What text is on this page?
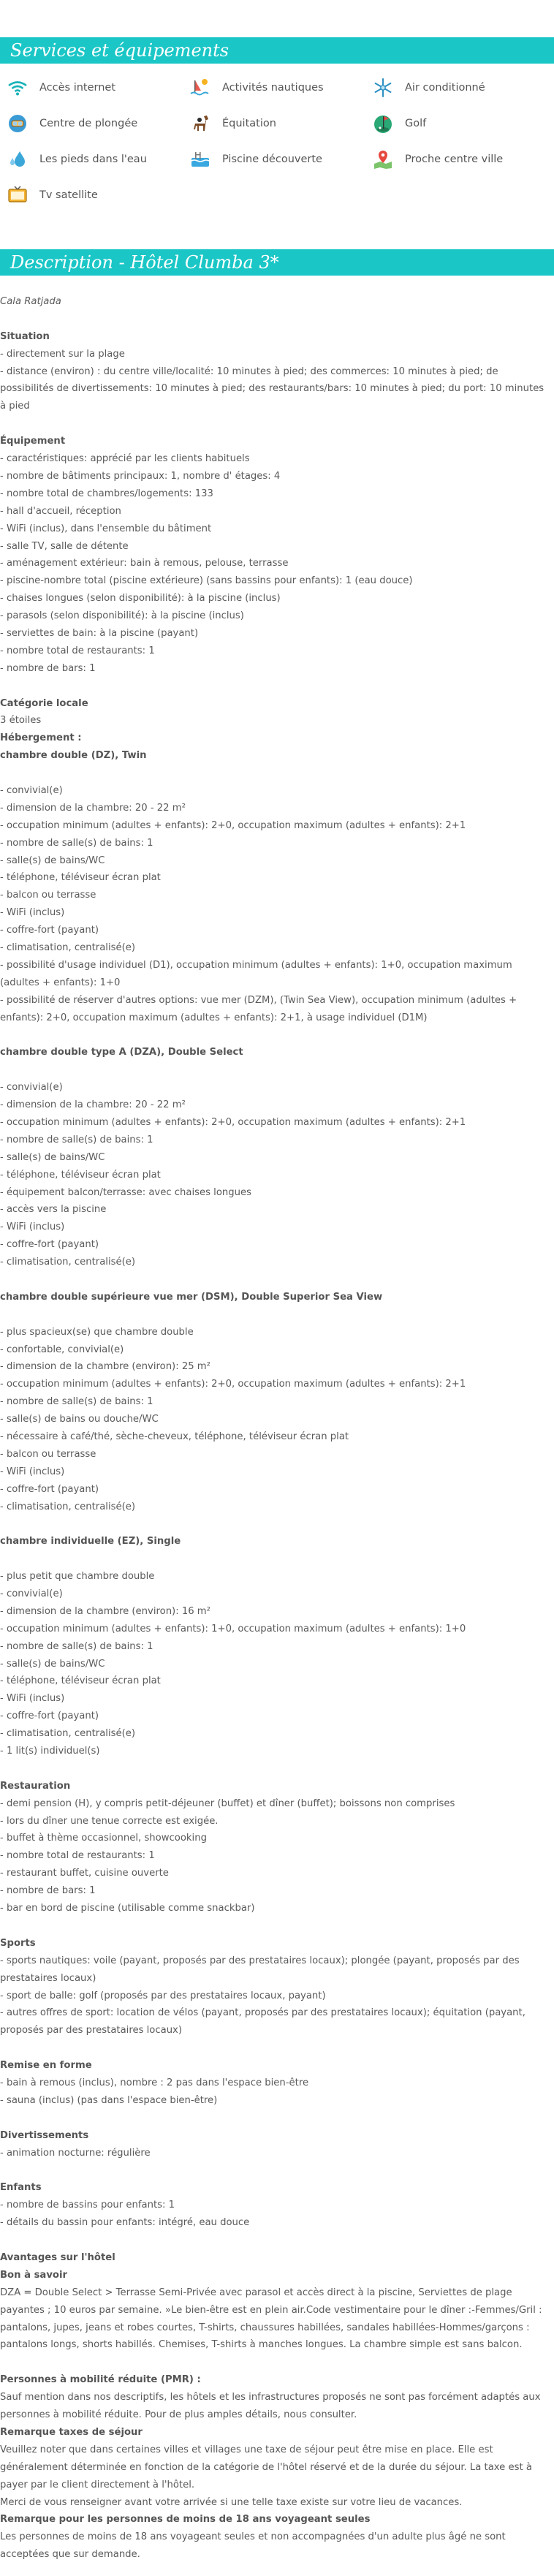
Services et équipements
Accès internet	Activités nautiques	Air conditionné
Centre de plongée	Équitation	Golf
Les pieds dans l'eau	Piscine découverte	Proche centre ville
Tv satellite
Description - Hôtel Clumba 3*
Cala Ratjada

Situation
- directement sur la plage
- distance (environ) : du centre ville/localité: 10 minutes à pied; des commerces: 10 minutes à pied; de possibilités de divertissements: 10 minutes à pied; des restaurants/bars: 10 minutes à pied; du port: 10 minutes à pied

Équipement
- caractéristiques: apprécié par les clients habituels
- nombre de bâtiments principaux: 1, nombre d' étages: 4
- nombre total de chambres/logements: 133
- hall d'accueil, réception
- WiFi (inclus), dans l'ensemble du bâtiment
- salle TV, salle de détente
- aménagement extérieur: bain à remous, pelouse, terrasse
- piscine-nombre total (piscine extérieure) (sans bassins pour enfants): 1 (eau douce)
- chaises longues (selon disponibilité): à la piscine (inclus)
- parasols (selon disponibilité): à la piscine (inclus)
- serviettes de bain: à la piscine (payant)
- nombre total de restaurants: 1
- nombre de bars: 1

Catégorie locale
3 étoiles
Hébergement :
chambre double (DZ), Twin

- convivial(e)
- dimension de la chambre: 20 - 22 m²
- occupation minimum (adultes + enfants): 2+0, occupation maximum (adultes + enfants): 2+1
- nombre de salle(s) de bains: 1
- salle(s) de bains/WC
- téléphone, téléviseur écran plat
- balcon ou terrasse
- WiFi (inclus)
- coffre-fort (payant)
- climatisation, centralisé(e)
- possibilité d'usage individuel (D1), occupation minimum (adultes + enfants): 1+0, occupation maximum (adultes + enfants): 1+0
- possibilité de réserver d'autres options: vue mer (DZM), (Twin Sea View), occupation minimum (adultes + enfants): 2+0, occupation maximum (adultes + enfants): 2+1, à usage individuel (D1M)

chambre double type A (DZA), Double Select

- convivial(e)
- dimension de la chambre: 20 - 22 m²
- occupation minimum (adultes + enfants): 2+0, occupation maximum (adultes + enfants): 2+1
- nombre de salle(s) de bains: 1
- salle(s) de bains/WC
- téléphone, téléviseur écran plat
- équipement balcon/terrasse: avec chaises longues
- accès vers la piscine
- WiFi (inclus)
- coffre-fort (payant)
- climatisation, centralisé(e)

chambre double supérieure vue mer (DSM), Double Superior Sea View

- plus spacieux(se) que chambre double
- confortable, convivial(e)
- dimension de la chambre (environ): 25 m²
- occupation minimum (adultes + enfants): 2+0, occupation maximum (adultes + enfants): 2+1
- nombre de salle(s) de bains: 1
- salle(s) de bains ou douche/WC
- nécessaire à café/thé, sèche-cheveux, téléphone, téléviseur écran plat
- balcon ou terrasse
- WiFi (inclus)
- coffre-fort (payant)
- climatisation, centralisé(e)

chambre individuelle (EZ), Single

- plus petit que chambre double
- convivial(e)
- dimension de la chambre (environ): 16 m²
- occupation minimum (adultes + enfants): 1+0, occupation maximum (adultes + enfants): 1+0
- nombre de salle(s) de bains: 1
- salle(s) de bains/WC
- téléphone, téléviseur écran plat
- WiFi (inclus)
- coffre-fort (payant)
- climatisation, centralisé(e)
- 1 lit(s) individuel(s)

Restauration
- demi pension (H), y compris petit-déjeuner (buffet) et dîner (buffet); boissons non comprises
- lors du dîner une tenue correcte est exigée.
- buffet à thème occasionnel, showcooking
- nombre total de restaurants: 1
- restaurant buffet, cuisine ouverte
- nombre de bars: 1
- bar en bord de piscine (utilisable comme snackbar)

Sports
- sports nautiques: voile (payant, proposés par des prestataires locaux); plongée (payant, proposés par des prestataires locaux)
- sport de balle: golf (proposés par des prestataires locaux, payant)
- autres offres de sport: location de vélos (payant, proposés par des prestataires locaux); équitation (payant, proposés par des prestataires locaux)

Remise en forme
- bain à remous (inclus), nombre : 2 pas dans l'espace bien-être
- sauna (inclus) (pas dans l'espace bien-être)

Divertissements
- animation nocturne: régulière

Enfants
- nombre de bassins pour enfants: 1
- détails du bassin pour enfants: intégré, eau douce

Avantages sur l'hôtel
Bon à savoir
DZA = Double Select > Terrasse Semi-Privée avec parasol et accès direct à la piscine, Serviettes de plage payantes ; 10 euros par semaine. »Le bien-être est en plein air.Code vestimentaire pour le dîner :-Femmes/Gril : pantalons, jupes, jeans et robes courtes, T-shirts, chaussures habillées, sandales habillées-Hommes/garçons : pantalons longs, shorts habillés. Chemises, T-shirts à manches longues. La chambre simple est sans balcon.

Personnes à mobilité réduite (PMR) :
Sauf mention dans nos descriptifs, les hôtels et les infrastructures proposés ne sont pas forcément adaptés aux personnes à mobilité réduite. Pour de plus amples détails, nous consulter.
Remarque taxes de séjour
Veuillez noter que dans certaines villes et villages une taxe de séjour peut être mise en place. Elle est généralement déterminée en fonction de la catégorie de l'hôtel réservé et de la durée du séjour. La taxe est à payer par le client directement à l'hôtel.
Merci de vous renseigner avant votre arrivée si une telle taxe existe sur votre lieu de vacances.
Remarque pour les personnes de moins de 18 ans voyageant seules
Les personnes de moins de 18 ans voyageant seules et non accompagnées d'un adulte plus âgé ne sont acceptées que sur demande.
